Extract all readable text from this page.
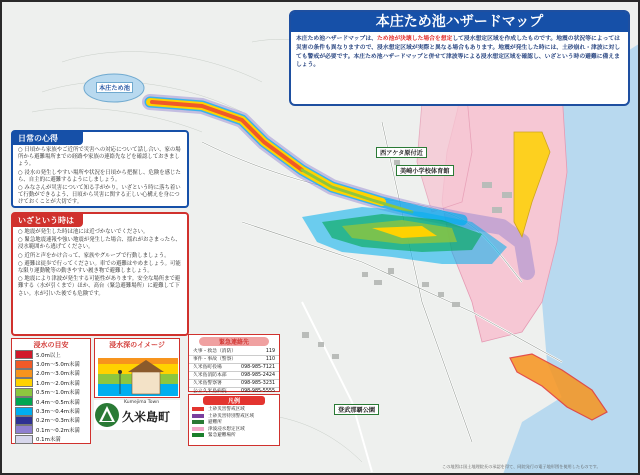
本庄ため池
西アケタ原付近
美崎小学校体育館
登武那覇公園
本庄ため池ハザードマップ
本庄ため池ハザードマップは、ため池が決壊した場合を想定して浸水想定区域を作成したものです。地震の状況等によっては災害の条件も異なりますので、浸水想定区域が実際と異なる場合もあります。地震が発生した時には、土砂崩れ・津波に対しても警戒が必要です。本庄ため池ハザードマップと併せて津波等による浸水想定区域を確認し、いざという時の避難に備えましょう。
日常の心得
○ 日頃から家族やご近所で災害への対応について話し合い、家の場所から避難場所までの経路や家族の連絡先などを確認しておきましょう。
○ 浸水の発生しやすい場所や状況を日頃から把握し、危険を感じたら、自主的に避難するようにしましょう。
○ みなさんが災害について知る手がかり。いざという時に落ち着いて行動ができるよう、日頃から災害に関する正しい心構えを身につけておくことが大切です。
いざという時は
○ 地震が発生した時は池には近づかないでください。
○ 緊急地震速報や強い地震が発生した場合、揺れがおさまったら、浸水範囲から逃げてください。
○ 近所と声をかけ合って、家族やグループで行動しましょう。
○ 避難は徒歩で行ってください。車での避難はやめましょう。可能な限り運動靴等の動きやすい履き物で避難しましょう。
○ 地震により津波が発生する可能性があります。安全な場所まで避難する（水が引くまで）ほか、高台（緊急避難場所）に避難して下さい。水が引いた後でも危険です。
浸水の目安
5.0m以上
3.0m〜5.0m未満
2.0m〜3.0m未満
1.0m〜2.0m未満
0.5m〜1.0m未満
0.4m〜0.5m未満
0.3m〜0.4m未満
0.2m〜0.3m未満
0.1m〜0.2m未満
0.1m未満
浸水深のイメージ
Kumejima Town
久米島町
緊急連絡先
火事・救急（消防）	119
事件・事故（警察）	110
久米島町役場	098-985-7121
久米島消防本部	098-985-2424
久米島警察署	098-985-3231
公立久米島病院	098-985-5555
凡例
土砂災害警戒区域
土砂災害特別警戒区域
避難所
津波浸水想定区域
緊急避難場所
この地図は国土地理院長の承認を得て、同院発行の電子地形図を使用したものです。
